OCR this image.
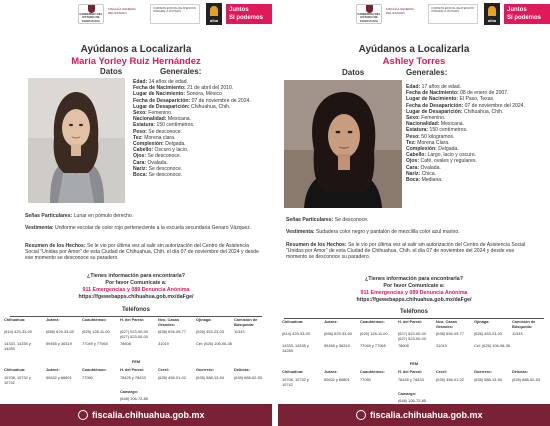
GOBIERNO DEL ESTADO DE CHIHUAHUA
FISCALÍA GENERAL DEL ESTADO
COMISIÓN ESTATAL DE ATENCIÓN INTEGRAL A VÍCTIMAS
alba
Juntos
Sí podemos
Ayúdanos a Localizarla
María Yorley Ruiz Hernández
Datos	Generales:
Edad: 14 años de edad.
Fecha de Nacimiento: 21 de abril del 2010.
Lugar de Nacimiento: Sonora, México
Fecha de Desaparición: 07 de noviembre de 2024.
Lugar de Desaparición: Chihuahua, Chih.
Sexo: Femenino.
Nacionalidad: Mexicana.
Estatura: 150 centímetros.
Peso: Se desconoce.
Tez: Morena clara.
Complexión: Delgada.
Cabello: Oscuro y lacio.
Ojos: Se desconoce.
Cara: Ovalada.
Nariz: Se desconoce.
Boca: Se desconoce.
Señas Particulares: Lunar en pómulo derecho.
Vestimenta: Uniforme escolar de color rojo perteneciente a la escuela secundaria Genaro Vázquez.
Resumen de los Hechos: Se le vio por última vez al salir sin autorización del Centro de Asistencia Social "Unidas por Amor" de esta Ciudad de Chihuahua, Chih. el día 07 de noviembre del 2024 y desde ese momento se desconoce su paradero.
¿Tienes información para encontrarla?
Por favor Comunícate a:
911 Emergencias y 089 Denuncia Anónima
https://fgewebapps.chihuahua.gob.mx/daFge/
Teléfonos
Chihuahua:
(614) 429-33-00
14333, 14335 y 14283
Chihuahua:
10708, 10732 y 10742
Juárez:
(656) 629-33-00
59455 y 36319
Juárez:
50632 y 66801
Cuauhtémoc:
(625) 128-11-00
77049 y 77065
Cuauhtémoc:
77050
H. del Parral:
(627) 523-00-00 (627) 523-00-00
78608
H. del Parral:
78425 y 78433
Nvo. Casas Grandes:
(636) 694-09-77
31019
Creel:
(635) 456-01-02
Ojinaga:
(626) 453-23-03
Cel: (626) 106-06-36
Guerrero:
(635) 588-13-94
Comisión de Búsqueda:
11343
Delicias:
(639) 688-52-53
FEM
Camargo:
(648) 106-72-85
fiscalia.chihuahua.gob.mx
GOBIERNO DEL ESTADO DE CHIHUAHUA
FISCALÍA GENERAL DEL ESTADO
COMISIÓN ESTATAL DE ATENCIÓN INTEGRAL A VÍCTIMAS
alba
Juntos
Sí podemos
Ayúdanos a Localizarla
Ashley Torres
Datos	Generales:
Edad: 17 años de edad.
Fecha de Nacimiento: 08 de enero de 2007.
Lugar de Nacimiento: El Paso, Texas.
Fecha de Desaparición: 07 de noviembre del 2024.
Lugar de Desaparición: Chihuahua, Chih.
Sexo: Femenino.
Nacionalidad: Mexicana.
Estatura: 150 centímetros.
Peso: 50 kilogramos.
Tez: Morena Clara.
Complexión: Delgada.
Cabello: Largo, lacio y oscuro.
Ojos: Café, ovales y regulares.
Cara: Ovalada.
Nariz: Chica.
Boca: Mediana.
Señas Particulares: Se desconoce.
Vestimenta: Sudadera color negro y pantalón de mezclilla color azul marino.
Resumen de los Hechos: Se le vio por última vez al salir sin autorización del Centro de Asistencia Social "Unidas por Amor" de esta Ciudad de Chihuahua, Chih. el día 07 de noviembre del 2024 y desde ese momento se desconoce su paradero.
¿Tienes información para encontrarla?
Por favor Comunícate a:
911 Emergencias y 089 Denuncia Anónima
https://fgewebapps.chihuahua.gob.mx/daFge/
Teléfonos
Chihuahua:
(614) 429-33-00
14333, 14335 y 14283
Chihuahua:
10708, 10732 y 10742
Juárez:
(656) 629-33-00
59455 y 36319
Juárez:
50632 y 66801
Cuauhtémoc:
(625) 128-11-00
77049 y 77065
Cuauhtémoc:
77050
H. del Parral:
(627) 523-00-00 (627) 523-00-00
78608
H. del Parral:
78425 y 78433
Nvo. Casas Grandes:
(636) 694-09-77
31019
Creel:
(635) 456-01-02
Ojinaga:
(626) 453-23-03
Cel: (626) 106-06-36
Guerrero:
(635) 588-13-94
Comisión de Búsqueda:
11343
Delicias:
(639) 688-52-53
FEM
Camargo:
(648) 106-72-85
fiscalia.chihuahua.gob.mx
